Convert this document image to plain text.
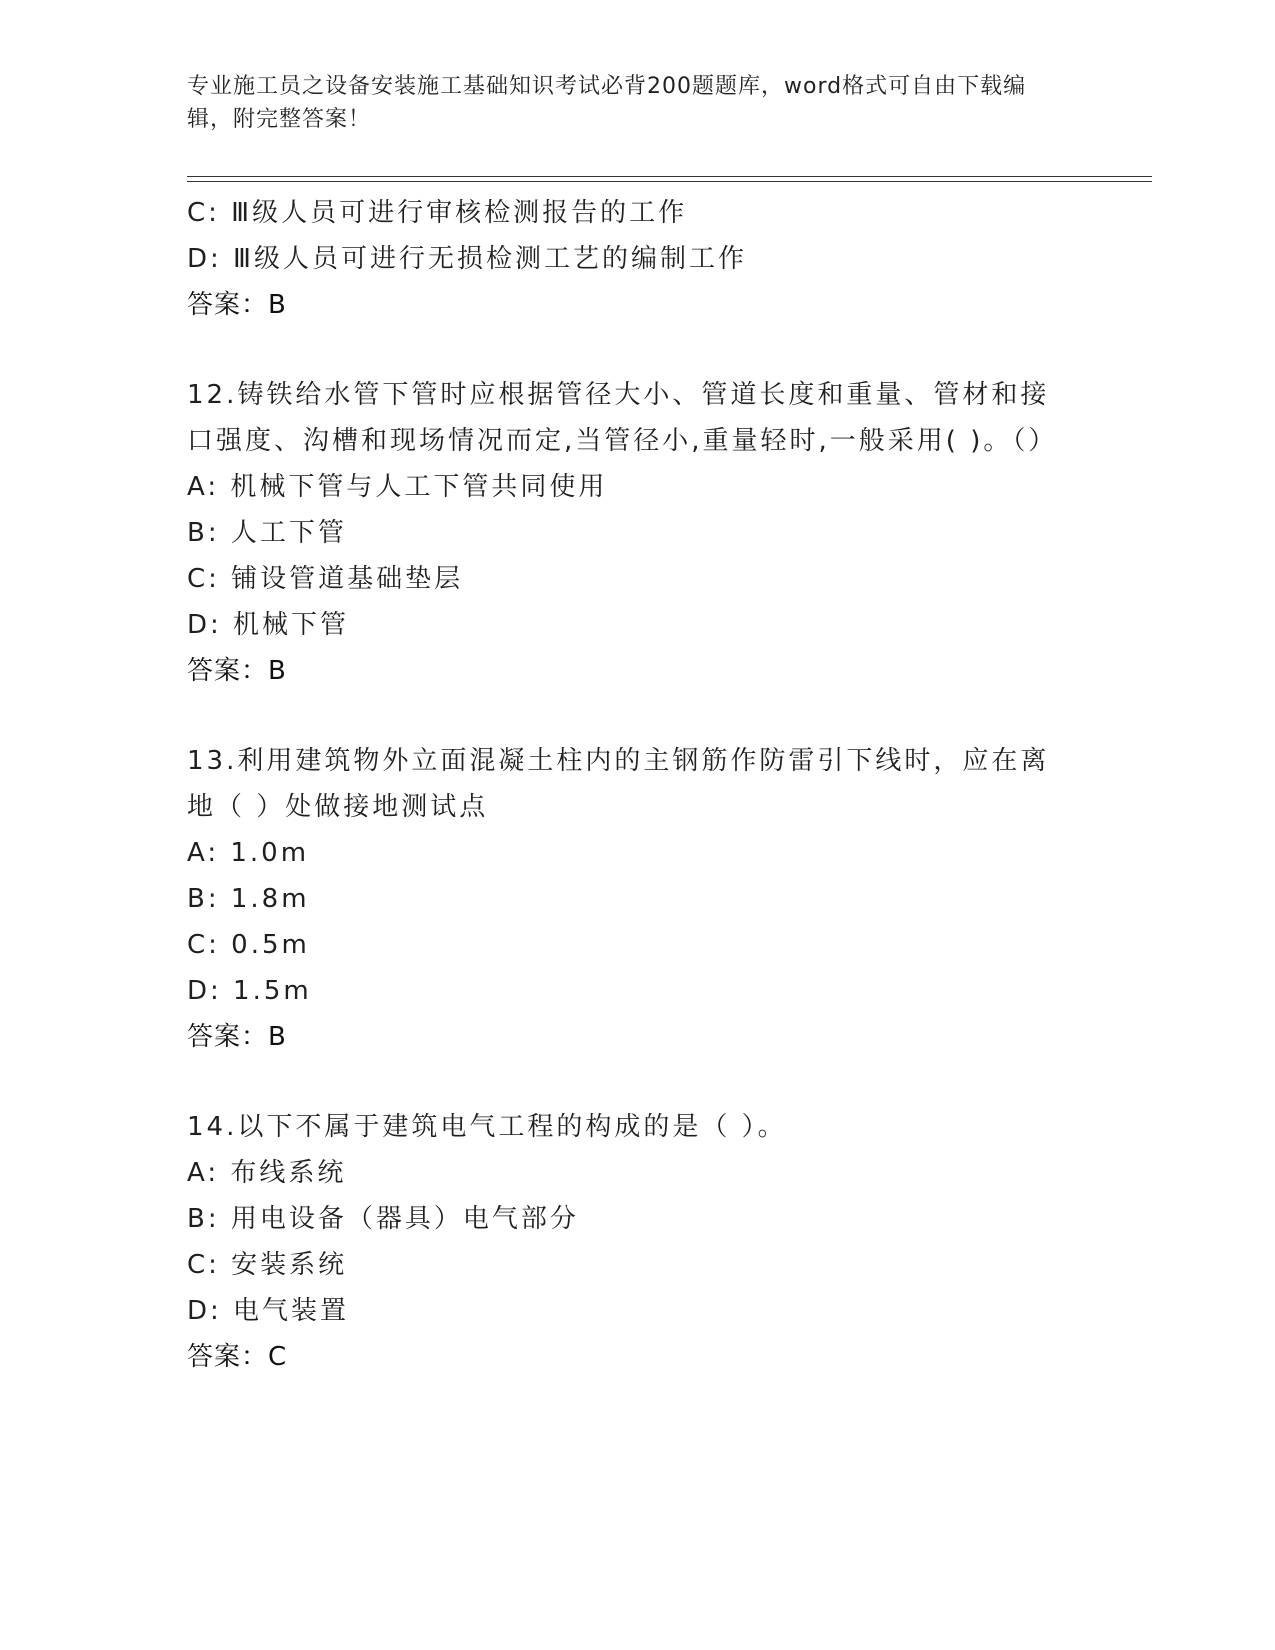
专业施工员之设备安装施工基础知识考试必背200题题库，word格式可自由下载编辑，附完整答案！
C: Ⅲ级人员可进行审核检测报告的工作
D: Ⅲ级人员可进行无损检测工艺的编制工作
答案：B
12.铸铁给水管下管时应根据管径大小、管道长度和重量、管材和接口强度、沟槽和现场情况而定,当管径小,重量轻时,一般采用( )。（）
A: 机械下管与人工下管共同使用
B: 人工下管
C: 铺设管道基础垫层
D: 机械下管
答案：B
13.利用建筑物外立面混凝土柱内的主钢筋作防雷引下线时，应在离地（ ）处做接地测试点
A: 1.0m
B: 1.8m
C: 0.5m
D: 1.5m
答案：B
14.以下不属于建筑电气工程的构成的是（ ）。
A: 布线系统
B: 用电设备（器具）电气部分
C: 安装系统
D: 电气装置
答案：C
